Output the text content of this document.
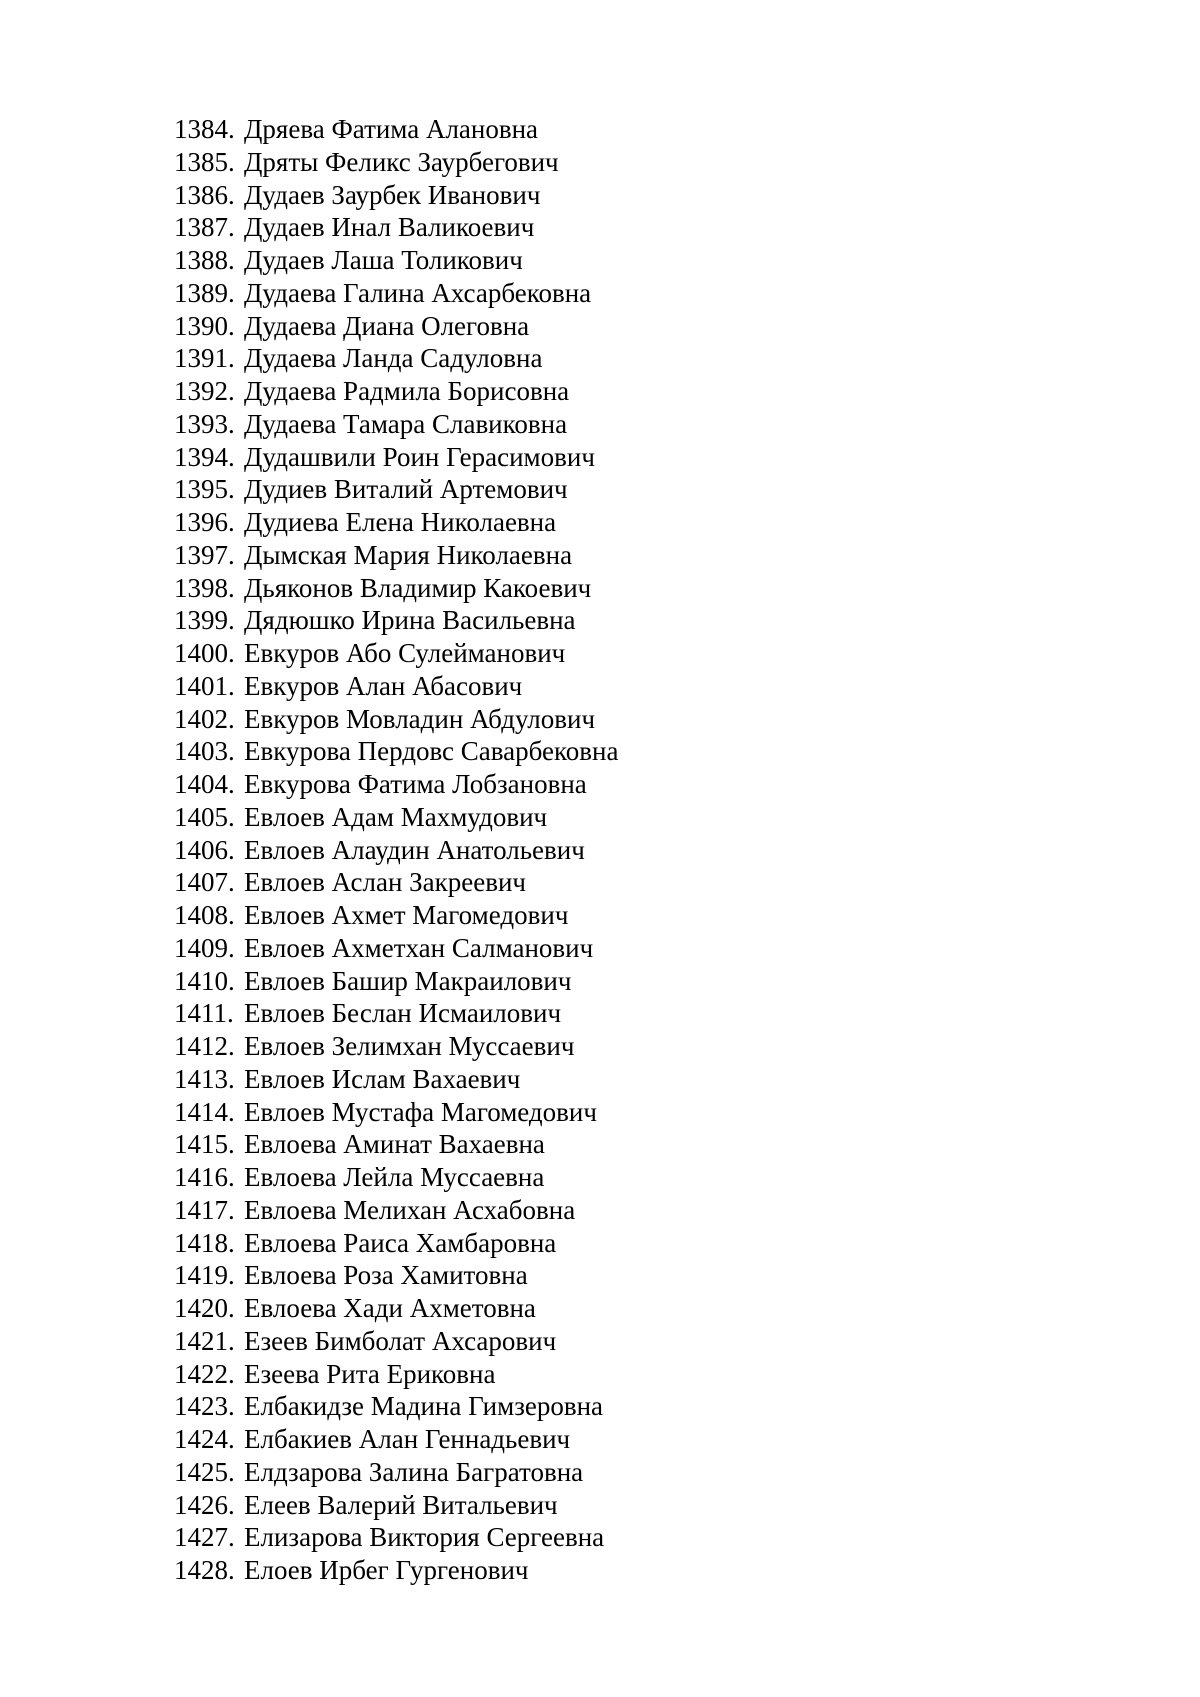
1384. Дряева Фатима Алановна
1385. Дряты Феликс Заурбегович
1386. Дудаев Заурбек Иванович
1387. Дудаев Инал Валикоевич
1388. Дудаев Лаша Толикович
1389. Дудаева Галина Ахсарбековна
1390. Дудаева Диана Олеговна
1391. Дудаева Ланда Садуловна
1392. Дудаева Радмила Борисовна
1393. Дудаева Тамара Славиковна
1394. Дудашвили Роин Герасимович
1395. Дудиев Виталий Артемович
1396. Дудиева Елена Николаевна
1397. Дымская Мария Николаевна
1398. Дьяконов Владимир Какоевич
1399. Дядюшко Ирина Васильевна
1400. Евкуров Або Сулейманович
1401. Евкуров Алан Абасович
1402. Евкуров Мовладин Абдулович
1403. Евкурова Пердовс Саварбековна
1404. Евкурова Фатима Лобзановна
1405. Евлоев Адам Махмудович
1406. Евлоев Алаудин Анатольевич
1407. Евлоев Аслан Закреевич
1408. Евлоев Ахмет Магомедович
1409. Евлоев Ахметхан Салманович
1410. Евлоев Башир Макраилович
1411. Евлоев Беслан Исмаилович
1412. Евлоев Зелимхан Муссаевич
1413. Евлоев Ислам Вахаевич
1414. Евлоев Мустафа Магомедович
1415. Евлоева Аминат Вахаевна
1416. Евлоева Лейла Муссаевна
1417. Евлоева Мелихан Асхабовна
1418. Евлоева Раиса Хамбаровна
1419. Евлоева Роза Хамитовна
1420. Евлоева Хади Ахметовна
1421. Езеев Бимболат Ахсарович
1422. Езеева Рита Ериковна
1423. Елбакидзе Мадина Гимзеровна
1424. Елбакиев Алан Геннадьевич
1425. Елдзарова Залина Багратовна
1426. Елеев Валерий Витальевич
1427. Елизарова Виктория Сергеевна
1428. Елоев Ирбег Гургенович
